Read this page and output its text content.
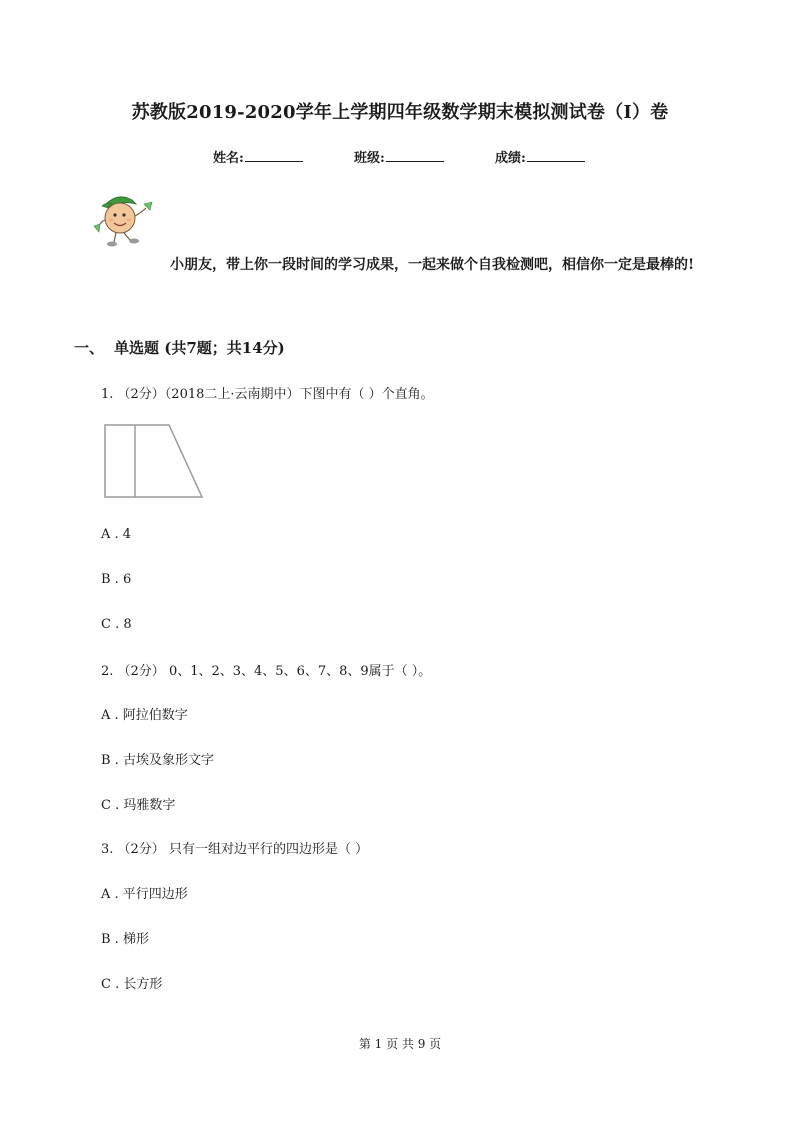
苏教版2019-2020学年上学期四年级数学期末模拟测试卷（I）卷
姓名:	班级:	成绩:
小朋友，带上你一段时间的学习成果，一起来做个自我检测吧，相信你一定是最棒的!
一、 单选题 (共7题；共14分)
1. （2分）（2018二上·云南期中）下图中有（ ）个直角。
A . 4
B . 6
C . 8
2. （2分） 0、1、2、3、4、5、6、7、8、9属于（ ）。
A . 阿拉伯数字
B . 古埃及象形文字
C . 玛雅数字
3. （2分） 只有一组对边平行的四边形是（ ）
A . 平行四边形
B . 梯形
C . 长方形
第 1 页 共 9 页
